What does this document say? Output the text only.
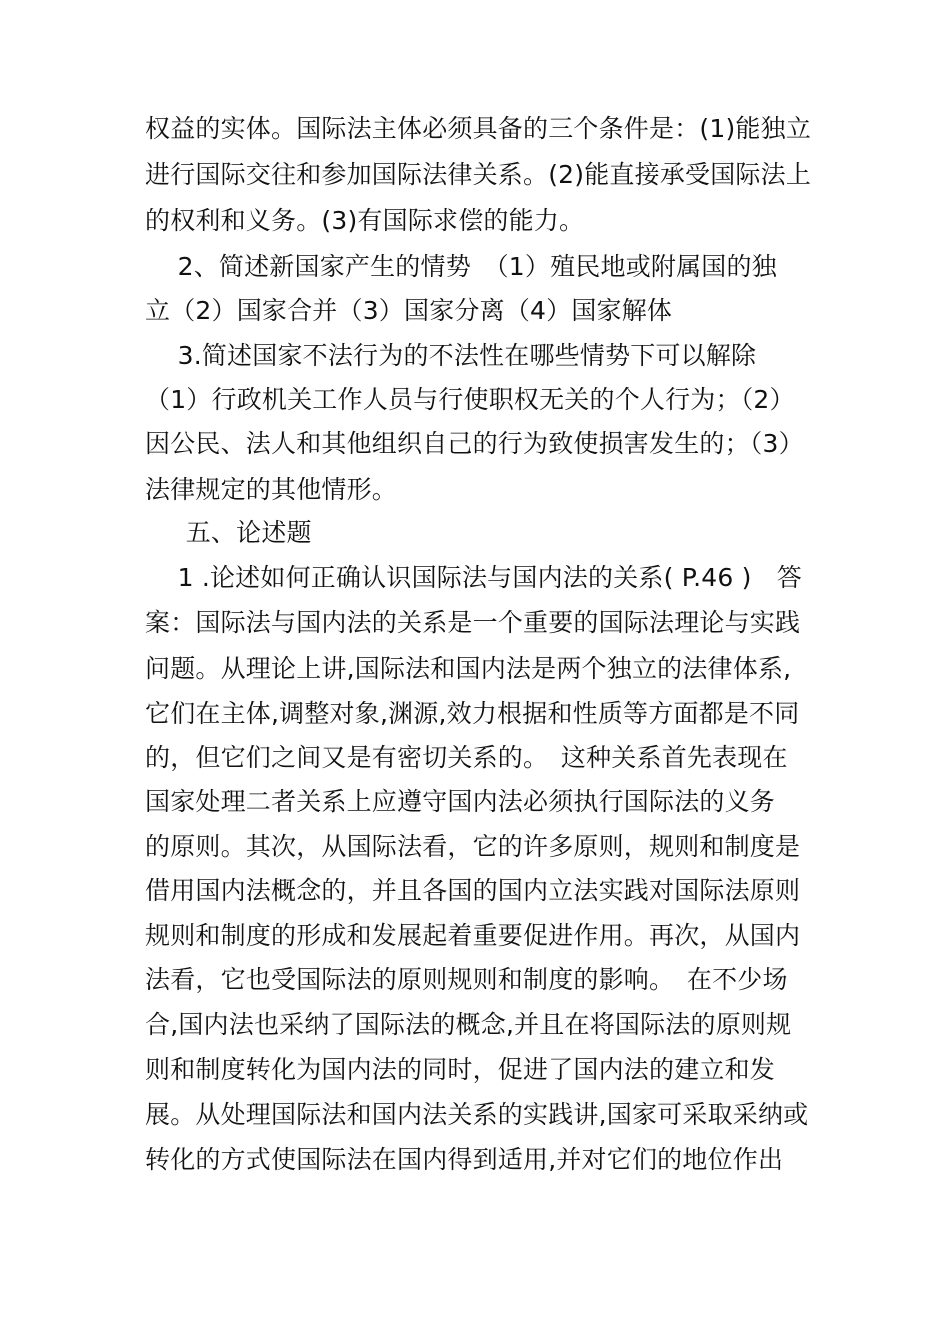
权益的实体。国际法主体必须具备的三个条件是：(1)能独立
进行国际交往和参加国际法律关系。(2)能直接承受国际法上
的权利和义务。(3)有国际求偿的能力。
2、简述新国家产生的情势　（1）殖民地或附属国的独
立（2）国家合并（3）国家分离（4）国家解体
3.简述国家不法行为的不法性在哪些情势下可以解除
（1）行政机关工作人员与行使职权无关的个人行为；（2）
因公民、法人和其他组织自己的行为致使损害发生的；（3）
法律规定的其他情形。
五、论述题
1 .论述如何正确认识国际法与国内法的关系( P.46 )　答
案：国际法与国内法的关系是一个重要的国际法理论与实践
问题。从理论上讲,国际法和国内法是两个独立的法律体系,
它们在主体,调整对象,渊源,效力根据和性质等方面都是不同
的，但它们之间又是有密切关系的。　这种关系首先表现在
国家处理二者关系上应遵守国内法必须执行国际法的义务
的原则。其次，从国际法看，它的许多原则，规则和制度是
借用国内法概念的，并且各国的国内立法实践对国际法原则
规则和制度的形成和发展起着重要促进作用。再次，从国内
法看，它也受国际法的原则规则和制度的影响。　在不少场
合,国内法也采纳了国际法的概念,并且在将国际法的原则规
则和制度转化为国内法的同时，促进了国内法的建立和发
展。从处理国际法和国内法关系的实践讲,国家可采取采纳或
转化的方式使国际法在国内得到适用,并对它们的地位作出
